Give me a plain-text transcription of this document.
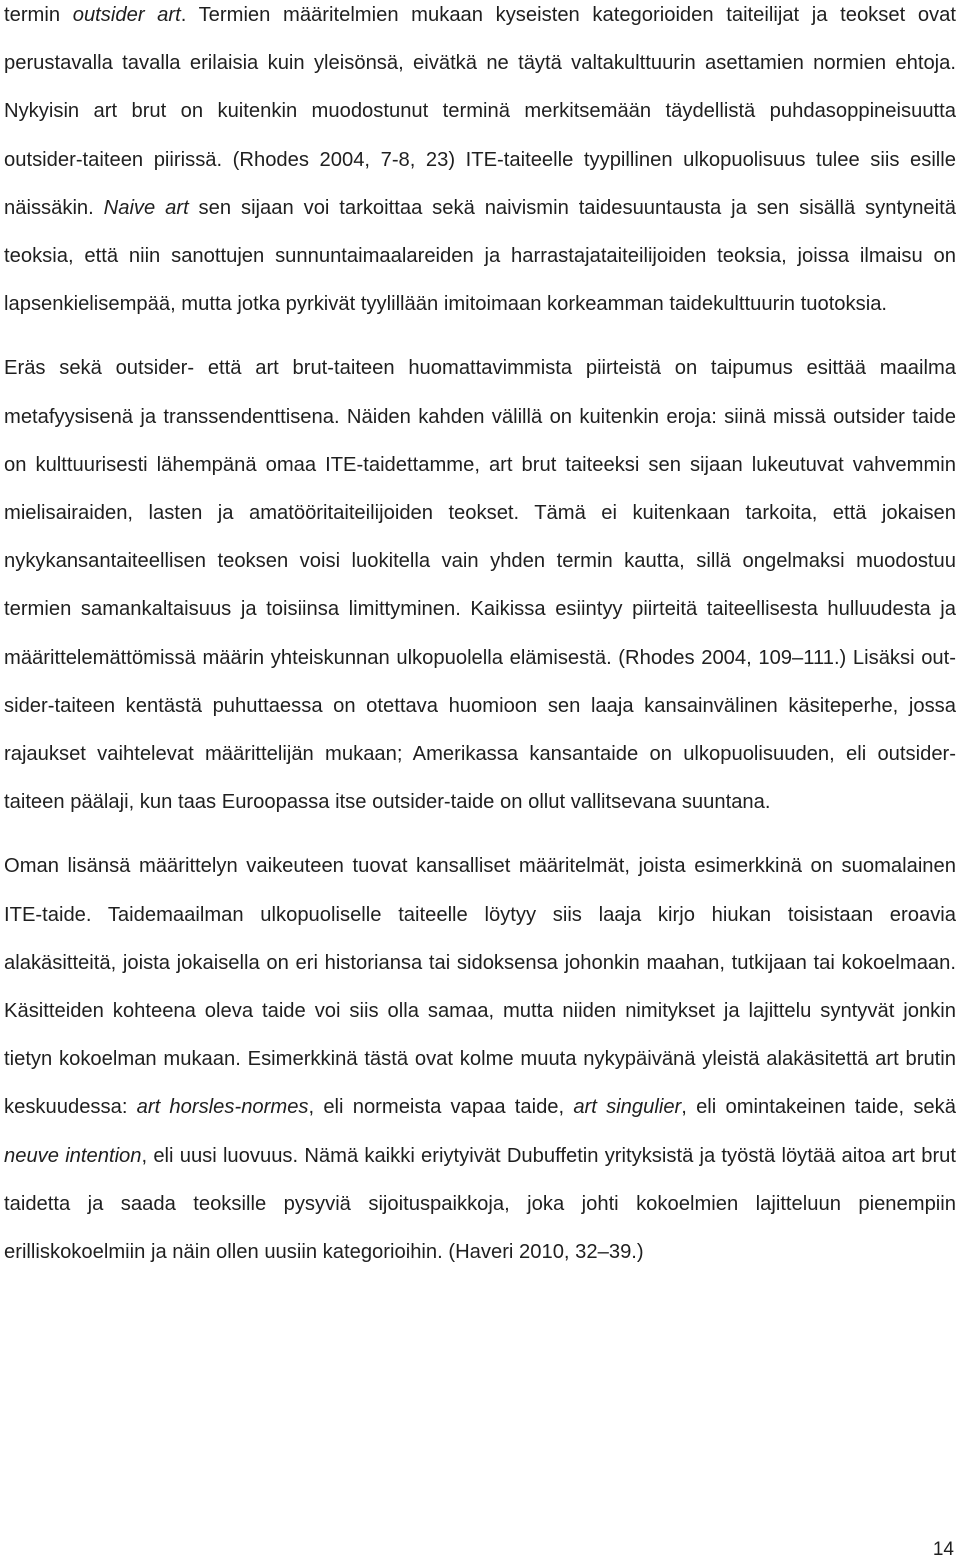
termin outsider art. Termien määritelmien mukaan kyseisten kategorioiden taiteilijat ja teokset ovat perustavalla tavalla erilaisia kuin yleisönsä, eivätkä ne täytä valtakulttuurin asettamien normien ehtoja. Nykyisin art brut on kuitenkin muodostunut terminä merkitsemään täydellistä puhdasoppineisuutta outsider-taiteen piirissä. (Rhodes 2004, 7-8, 23) ITE-taiteelle tyypillinen ulkopuolisuus tulee siis esille näissäkin. Naive art sen sijaan voi tarkoittaa sekä naivismin taidesuuntausta ja sen sisällä syntyneitä teoksia, että niin sanottujen sunnuntaimaalareiden ja harrastajataiteilijoiden teoksia, joissa ilmaisu on lapsenkielisempää, mutta jotka pyrkivät tyylillään imitoimaan korkeamman taidekulttuurin tuotoksia.

Eräs sekä outsider- että art brut-taiteen huomattavimmista piirteistä on taipumus esittää maailma metafyysisenä ja transsendenttisena. Näiden kahden välillä on kuitenkin eroja: siinä missä outsider taide on kulttuurisesti lähempänä omaa ITE-taidettamme, art brut taiteeksi sen sijaan lukeutuvat vahvemmin mielisairaiden, lasten ja amatööritaiteilijoiden teokset. Tämä ei kuitenkaan tarkoita, että jokaisen nykykansantaiteellisen teoksen voisi luokitella vain yhden termin kautta, sillä ongelmaksi muodostuu termien samankaltaisuus ja toisiinsa limittyminen. Kaikissa esiintyy piirteitä taiteellisesta hulluudesta ja määrittelemättömissä määrin yhteiskunnan ulkopuolella elämisestä. (Rhodes 2004, 109–111.) Lisäksi outsider-taiteen kentästä puhuttaessa on otettava huomioon sen laaja kansainvälinen käsiteperhe, jossa rajaukset vaihtelevat määrittelijän mukaan; Amerikassa kansantaide on ulkopuolisuuden, eli outsider-taiteen päälaji, kun taas Euroopassa itse outsider-taide on ollut vallitsevana suuntana.

Oman lisänsä määrittelyn vaikeuteen tuovat kansalliset määritelmät, joista esimerkkinä on suomalainen ITE-taide. Taidemaailman ulkopuoliselle taiteelle löytyy siis laaja kirjo hiukan toisistaan eroavia alakäsitteitä, joista jokaisella on eri historiansa tai sidoksensa johonkin maahan, tutkijaan tai kokoelmaan. Käsitteiden kohteena oleva taide voi siis olla samaa, mutta niiden nimitykset ja lajittelu syntyvät jonkin tietyn kokoelman mukaan. Esimerkkinä tästä ovat kolme muuta nykypäivänä yleistä alakäsitettä art brutin keskuudessa: art horsles-normes, eli normeista vapaa taide, art singulier, eli omintakeinen taide, sekä neuve intention, eli uusi luovuus. Nämä kaikki eriytyivät Dubuffetin yrityksistä ja työstä löytää aitoa art brut taidetta ja saada teoksille pysyviä sijoituspaikkoja, joka johti kokoelmien lajitteluun pienempiin erilliskokoelmiin ja näin ollen uusiin kategorioihin. (Haveri 2010, 32–39.)

14
